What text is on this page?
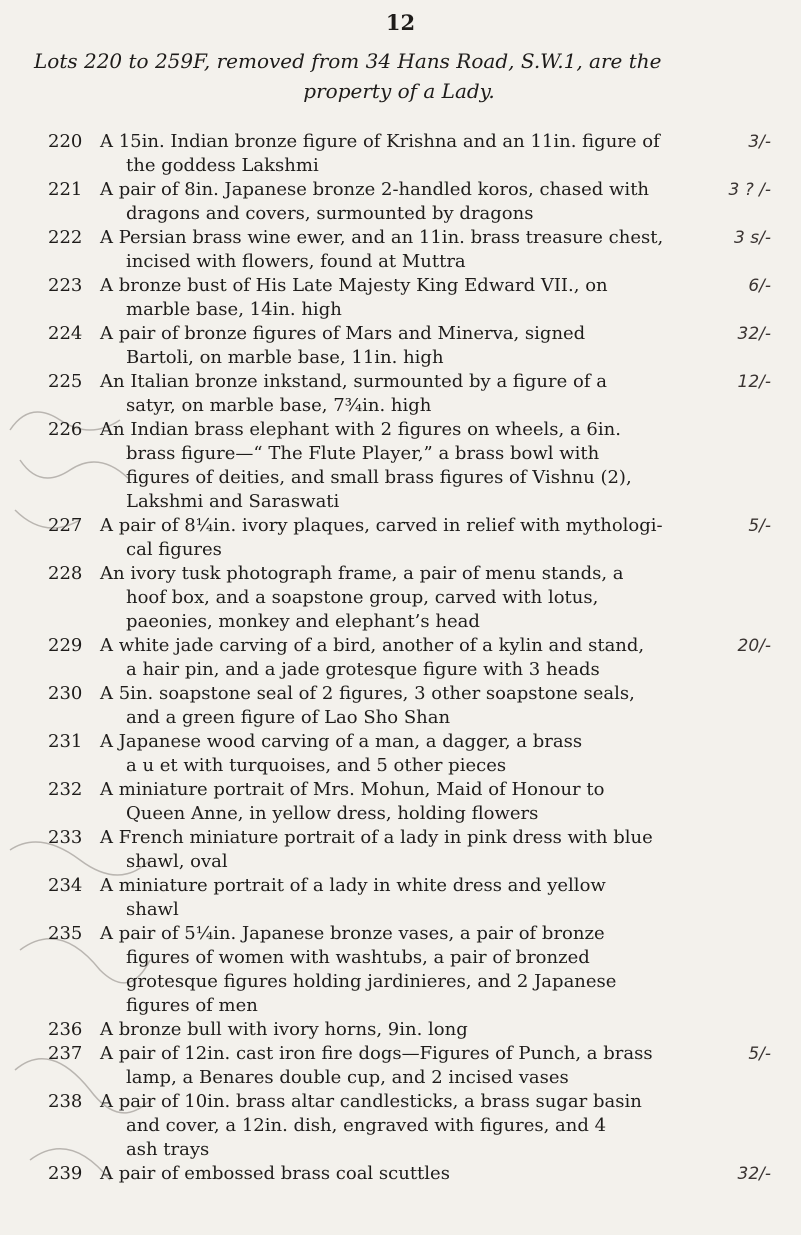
12
Lots 220 to 259F, removed from 34 Hans Road, S.W.1, are the
property of a Lady.
220 A 15in. Indian bronze figure of Krishna and an 11in. figure of
the goddess Lakshmi
3/-
221 A pair of 8in. Japanese bronze 2-handled koros, chased with
dragons and covers, surmounted by dragons
3 ? /-
222 A Persian brass wine ewer, and an 11in. brass treasure chest,
incised with flowers, found at Muttra
3 s/-
223 A bronze bust of His Late Majesty King Edward VII., on
marble base, 14in. high
6/-
224 A pair of bronze figures of Mars and Minerva, signed
Bartoli, on marble base, 11in. high
32/-
225 An Italian bronze inkstand, surmounted by a figure of a
satyr, on marble base, 7¾in. high
12/-
226 An Indian brass elephant with 2 figures on wheels, a 6in.
brass figure—“ The Flute Player,” a brass bowl with
figures of deities, and small brass figures of Vishnu (2),
Lakshmi and Saraswati
227 A pair of 8¼in. ivory plaques, carved in relief with mythologi-
cal figures
5/-
228 An ivory tusk photograph frame, a pair of menu stands, a
hoof box, and a soapstone group, carved with lotus,
paeonies, monkey and elephant’s head
229 A white jade carving of a bird, another of a kylin and stand,
a hair pin, and a jade grotesque figure with 3 heads
20/-
230 A 5in. soapstone seal of 2 figures, 3 other soapstone seals,
and a green figure of Lao Sho Shan
231 A Japanese wood carving of a man, a dagger, a brass
a u et with turquoises, and 5 other pieces
232 A miniature portrait of Mrs. Mohun, Maid of Honour to
Queen Anne, in yellow dress, holding flowers
233 A French miniature portrait of a lady in pink dress with blue
shawl, oval
234 A miniature portrait of a lady in white dress and yellow
shawl
235 A pair of 5¼in. Japanese bronze vases, a pair of bronze
figures of women with washtubs, a pair of bronzed
grotesque figures holding jardinieres, and 2 Japanese
figures of men
236 A bronze bull with ivory horns, 9in. long
237 A pair of 12in. cast iron fire dogs—Figures of Punch, a brass
lamp, a Benares double cup, and 2 incised vases
5/-
238 A pair of 10in. brass altar candlesticks, a brass sugar basin
and cover, a 12in. dish, engraved with figures, and 4
ash trays
239 A pair of embossed brass coal scuttles	32/-
